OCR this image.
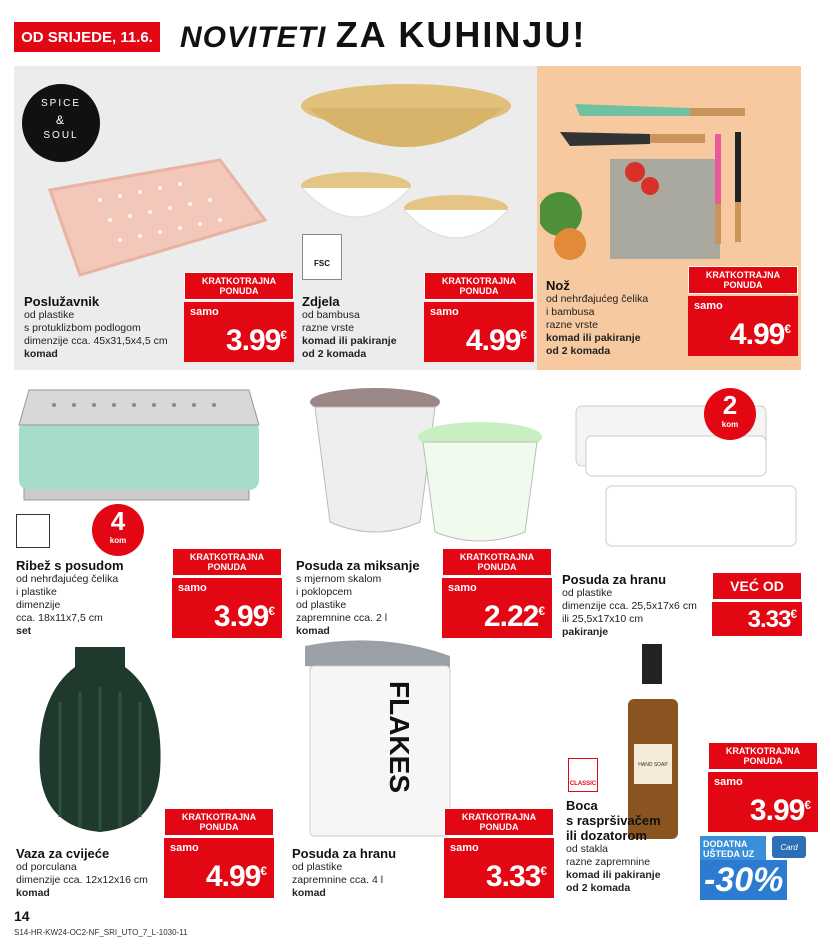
OD SRIJEDE, 11.6. NOVITETI ZA KUHINJU!
SPICE
&
SOUL
FSC
Poslužavnik
od plastike
s protuklizbom podlogom
dimenzije cca. 45x31,5x4,5 cm
komad
KRATKOTRAJNA PONUDA
samo
3.99€
Zdjela
od bambusa
razne vrste
komad ili pakiranje
od 2 komada
KRATKOTRAJNA PONUDA
samo
4.99€
Nož
od nehrđajućeg čelika
i bambusa
razne vrste
komad ili pakiranje
od 2 komada
KRATKOTRAJNA PONUDA
samo
4.99€
4
kom
2
kom
Ribež s posudom
od nehrđajućeg čelika
i plastike
dimenzije
cca. 18x11x7,5 cm
set
KRATKOTRAJNA PONUDA
samo
3.99€
Posuda za miksanje
s mjernom skalom
i poklopcem
od plastike
zapremnine cca. 2 l
komad
KRATKOTRAJNA PONUDA
samo
2.22€
Posuda za hranu
od plastike
dimenzije cca. 25,5x17x6 cm
ili 25,5x17x10 cm
pakiranje
VEĆ OD
3.33€
FLAKES	HAND SOAP
CLASSIC
Vaza za cvijeće
od porculana
dimenzije cca. 12x12x16 cm
komad
KRATKOTRAJNA PONUDA
samo
4.99€
Posuda za hranu
od plastike
zapremnine cca. 4 l
komad
KRATKOTRAJNA PONUDA
samo
3.33€
Boca
s raspršivačem
ili dozatorom
od stakla
razne zapremnine
komad ili pakiranje
od 2 komada
KRATKOTRAJNA PONUDA
samo
3.99€
DODATNA UŠTEDA UZ
Card
-30%
14
S14-HR-KW24-OC2-NF_SRI_UTO_7_L-1030-11
